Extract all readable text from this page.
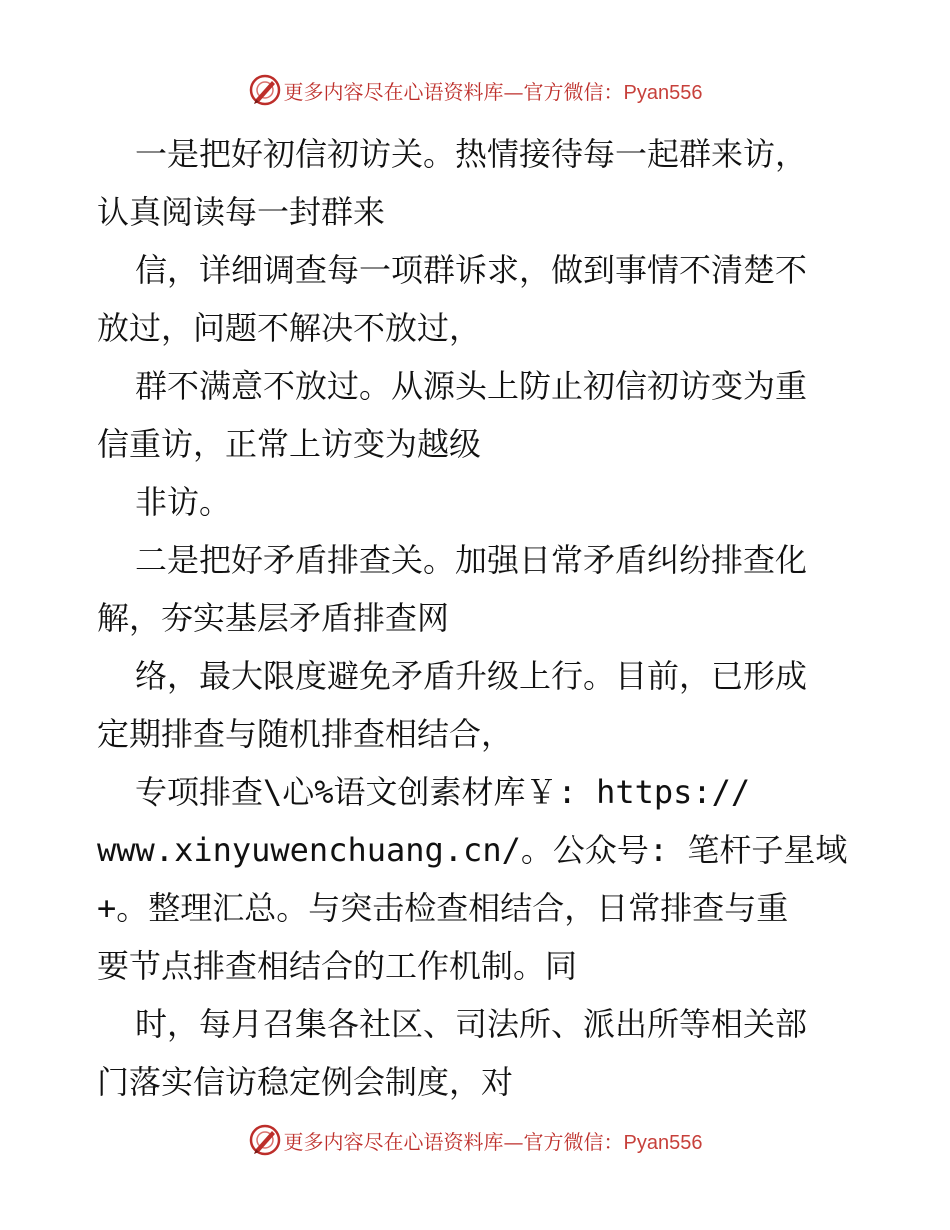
更多内容尽在心语资料库—官方微信：Pyan556
一是把好初信初访关。热情接待每一起群来访，
认真阅读每一封群来
信，详细调查每一项群诉求，做到事情不清楚不
放过，问题不解决不放过，
群不满意不放过。从源头上防止初信初访变为重
信重访，正常上访变为越级
非访。
二是把好矛盾排查关。加强日常矛盾纠纷排查化
解，夯实基层矛盾排查网
络，最大限度避免矛盾升级上行。目前，已形成
定期排查与随机排查相结合，
专项排查\心%语文创素材库￥: https://
www.xinyuwenchuang.cn/。公众号: 笔杆子星域
+。整理汇总。与突击检查相结合，日常排查与重
要节点排查相结合的工作机制。同
时，每月召集各社区、司法所、派出所等相关部
门落实信访稳定例会制度，对
更多内容尽在心语资料库—官方微信：Pyan556
